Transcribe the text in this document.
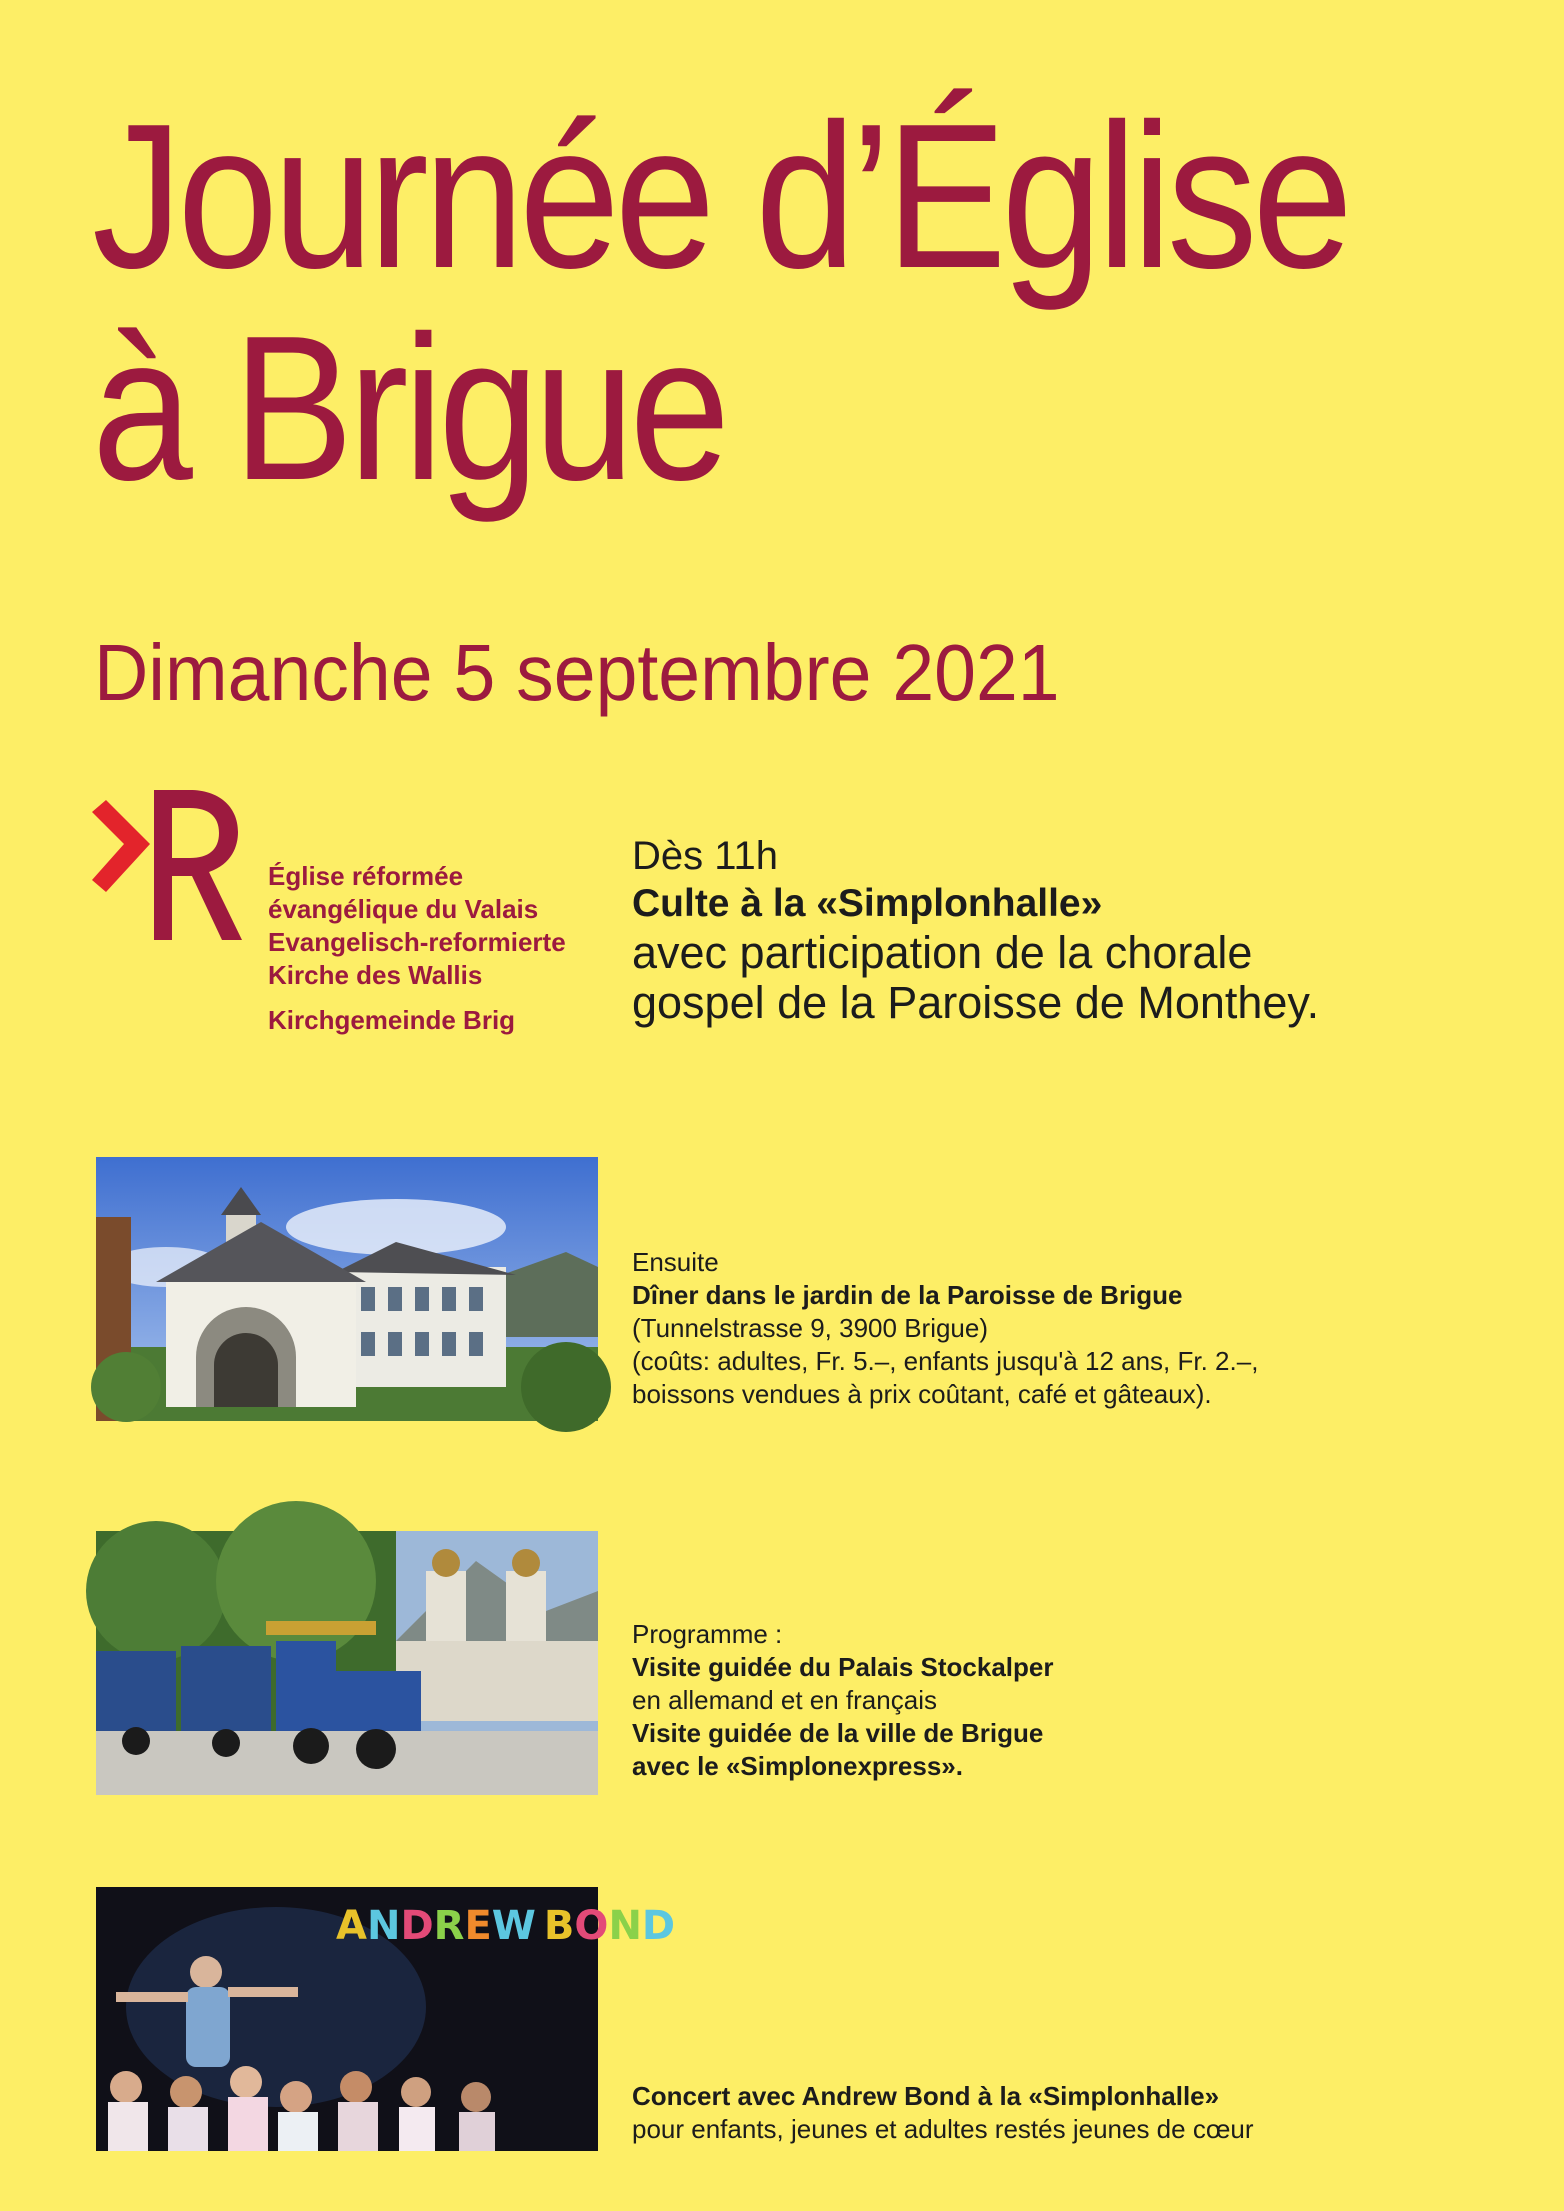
Journée d’Église
à Brigue
Dimanche 5 septembre 2021
Église réformée
évangélique du Valais
Evangelisch-reformierte
Kirche des Wallis
Kirchgemeinde Brig
Dès 11h
Culte à la «Simplonhalle»
avec participation de la chorale
gospel de la Paroisse de Monthey.
Ensuite
Dîner dans le jardin de la Paroisse de Brigue
(Tunnelstrasse 9, 3900 Brigue)
(coûts: adultes, Fr. 5.–, enfants jusqu'à 12 ans, Fr. 2.–,
boissons vendues à prix coûtant, café et gâteaux).
Programme :
Visite guidée du Palais Stockalper
en allemand et en français
Visite guidée de la ville de Brigue
avec le «Simplonexpress».
ANDREW BOND
Concert avec Andrew Bond à la «Simplonhalle»
pour enfants, jeunes et adultes restés jeunes de cœur
